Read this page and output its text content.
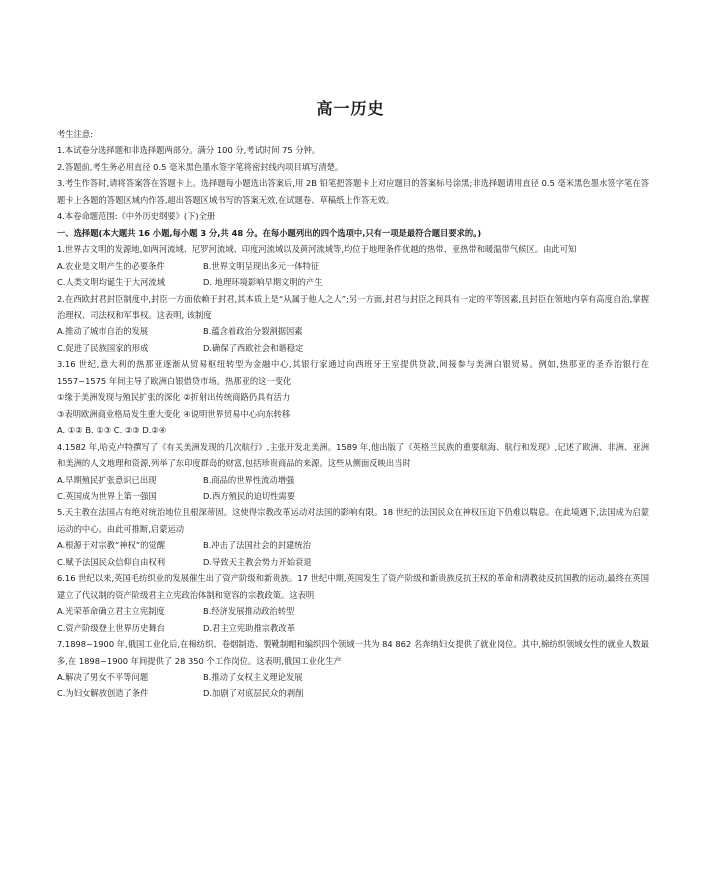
高一历史

考生注意:

1.本试卷分选择题和非选择题两部分。满分 100 分,考试时间 75 分钟。

2.答题前,考生务必用直径 0.5 毫米黑色墨水签字笔将密封线内项目填写清楚。

3.考生作答时,请将答案答在答题卡上。选择题每小题选出答案后,用 2B 铅笔把答题卡上对应题目的答案标号涂黑;非选择题请用直径 0.5 毫米黑色墨水签字笔在答题卡上各题的答题区域内作答,超出答题区域书写的答案无效,在试题卷、草稿纸上作答无效。

4.本卷命题范围:《中外历史纲要》(下)全册

一、选择题(本大题共 16 小题,每小题 3 分,共 48 分。在每小题列出的四个选项中,只有一项是最符合题目要求的。)

1.世界古文明的发源地,如两河流域、尼罗河流域、印度河流域以及黄河流域等,均位于地理条件优越的热带、亚热带和暖温带气候区。由此可知

A.农业是文明产生的必要条件	B.世界文明呈现出多元一体特征
C.人类文明均诞生于大河流域	D. 地理环境影响早期文明的产生

2.在西欧封君封臣制度中,封臣一方面依赖于封君,其本质上是“从属于他人之人”;另一方面,封君与封臣之间具有一定的平等因素,且封臣在领地内享有高度自治,掌握治理权、司法权和军事权。这表明, 该制度

A.推动了城市自治的发展	B.蕴含着政治分裂割据因素
C.促进了民族国家的形成	D.确保了西欧社会和谐稳定

3.16 世纪,意大利的热那亚逐渐从贸易枢纽转型为金融中心,其银行家通过向西班牙王室提供贷款,间接参与美洲白银贸易。例如,热那亚的圣乔治银行在 1557~1575 年间主导了欧洲白银借贷市场。热那亚的这一变化

①缘于美洲发现与殖民扩张的深化 ②折射出传统商路仍具有活力

③表明欧洲商业格局发生重大变化 ④说明世界贸易中心向东转移

A. ①② B. ①③ C. ②③ D.②④

4.1582 年,哈克卢特撰写了《有关美洲发现的几次航行》,主张开发北美洲。1589 年,他出版了《英格兰民族的重要航海、航行和发现》,记述了欧洲、非洲、亚洲和美洲的人文地理和资源,列举了东印度群岛的财富,包括珍贵商品的来源。这些从侧面反映出当时

A.早期殖民扩张意识已出现	B.商品的世界性流动增强
C.英国成为世界上第一强国	D.西方殖民的迫切性需要

5.天主教在法国占有绝对统治地位且根深蒂固。这使得宗教改革运动对法国的影响有限。18 世纪的法国民众在神权压迫下仍难以喘息。在此境遇下,法国成为启蒙运动的中心。由此可推断,启蒙运动

A.根源于对宗教“神权”的觉醒	B.冲击了法国社会的封建统治
C.赋予法国民众信仰自由权利	D.导致天主教会势力开始衰退

6.16 世纪以来,英国毛纺织业的发展催生出了资产阶级和新贵族。17 世纪中期,英国发生了资产阶级和新贵族反抗王权的革命和清教徒反抗国教的运动,最终在英国建立了代议制的资产阶级君主立宪政治体制和宽容的宗教政策。这表明

A.光荣革命确立君主立宪制度	B.经济发展推动政治转型
C.资产阶级登上世界历史舞台	D.君主立宪助推宗教改革

7.1898~1900 年,俄国工业化后,在棉纺织、卷烟制造、製靴制帽和编织四个领域一共为 84 862 名奔纳妇女提供了就业岗位。其中,棉纺织领域女性的就业人数最多,在 1898~1900 年间提供了 28 350 个工作岗位。这表明,俄国工业化生产

A.解决了男女不平等问题	B.推动了女权主义理论发展
C.为妇女解放创造了条件	D.加剧了对底层民众的剥削
